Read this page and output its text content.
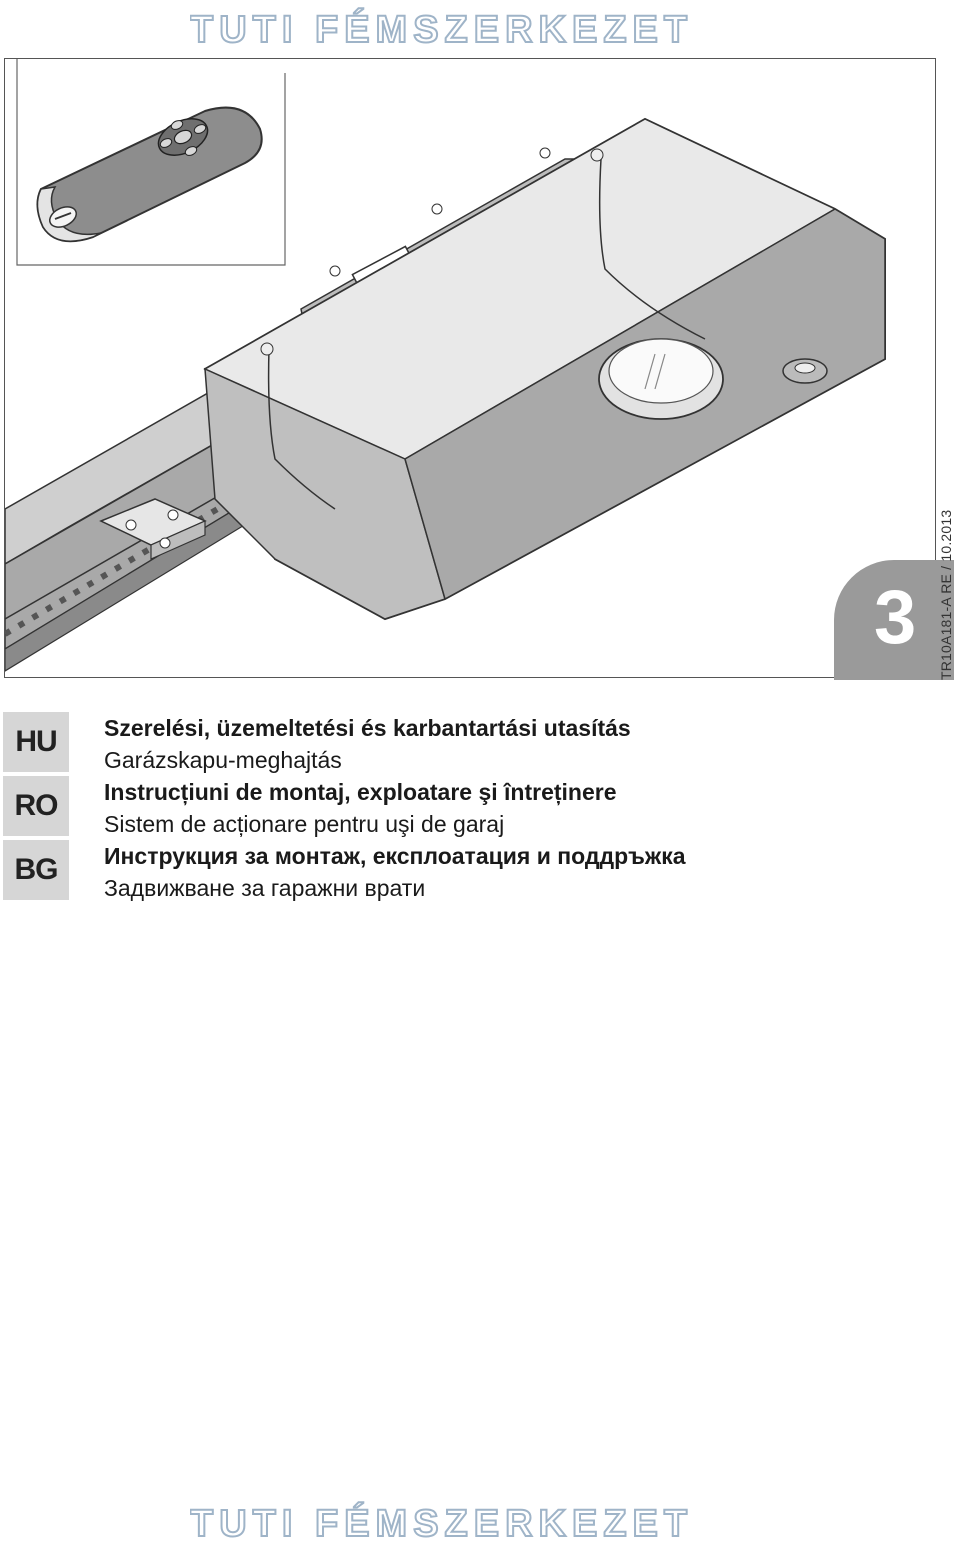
TUTI FÉMSZERKEZET
3 TR10A181-A RE / 10.2013
HU
RO
BG
Szerelési, üzemeltetési és karbantartási utasítás
Garázskapu-meghajtás
Instrucțiuni de montaj, exploatare şi întreținere
Sistem de acționare pentru uşi de garaj
Инструкция за монтаж, експлоатация и поддръжка
Задвижване за гаражни врати
TUTI FÉMSZERKEZET
